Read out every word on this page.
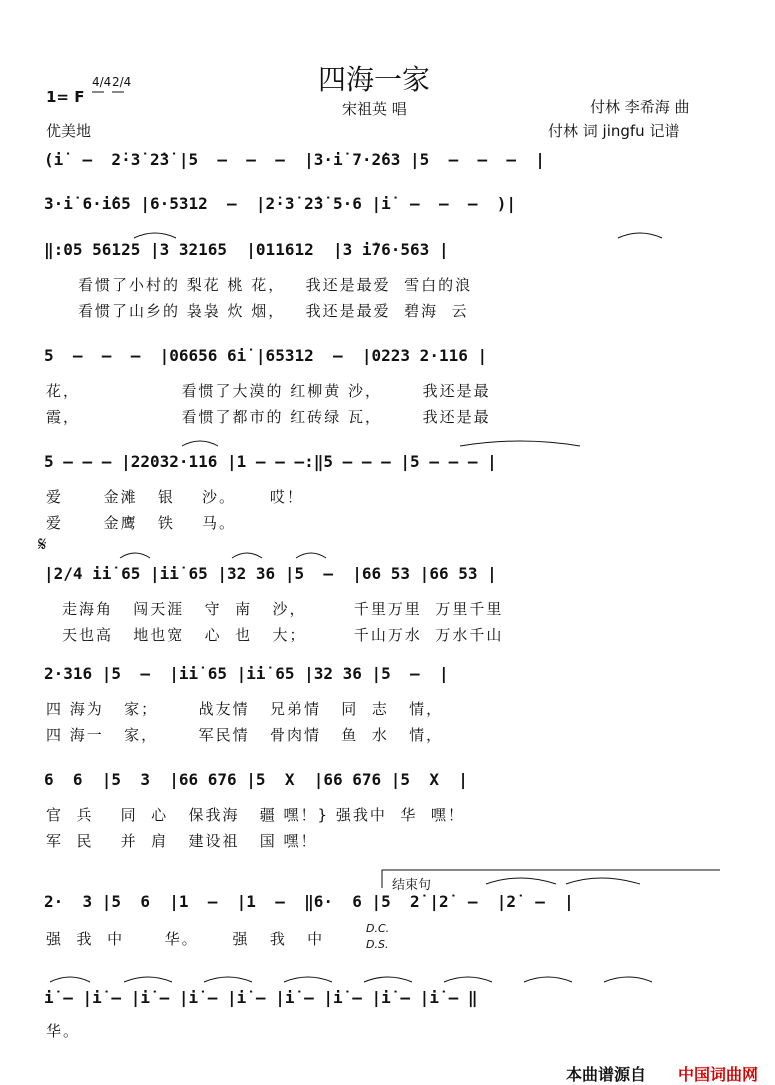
四海一家
宋祖英 唱
1= F
4/4 2/4
优美地
付林 李希海 曲
付林 词 jingfu 记谱
(i̇  –  2̇·3̇ 2̇3̇ |5  –  –  –  |3·i̇ 7·2̇63 |5  –  –  –  |
3·i̇ 6·i̇65 |6·5312  –  |2̇·3̇ 2̇3̇ 5·6 |i̇  –  –  –  )|
‖:05 56125 |3 32165  |011612  |3 i̇76·563 |
看惯了小村的 梨花 桃 花，   我还是最爱  雪白的浪
看惯了山乡的 袅袅 炊 烟，   我还是最爱  碧海  云
5  –  –  –  |06656 6i̇ |65312  –  |0223 2·116 |
花，               看惯了大漠的 红柳黄 沙，      我还是最
霞，               看惯了都市的 红砖绿 瓦，      我还是最
5 – – – |22032·116 |1 – – –:‖5 – – – |5 – – – |
爱      金滩   银    沙。     哎！
爱      金鹰   铁    马。
𝄋
|2/4 i̇i̇ 65 |i̇i̇ 65 |32 36 |5  –  |66 53 |66 53 |
走海角   闯天涯   守  南   沙，       千里万里  万里千里
天也高   地也宽   心  也   大；       千山万水  万水千山
2·316 |5  –  |i̇i̇ 65 |i̇i̇ 65 |32 36 |5  –  |
四 海为   家；      战友情   兄弟情   同  志   情，
四 海一   家，      军民情   骨肉情   鱼  水   情，
6  6  |5  3  |66 676 |5  X  |66 676 |5  X  |
官  兵    同  心   保我海   疆 嘿！} 强我中  华  嘿！
军  民    并  肩   建设祖   国 嘿！
结束句
2·  3 |5  6  |1  –  |1  –  ‖6·  6 |5  2̇ |2̇  –  |2̇  –  |
强  我  中      华。     强   我   中
D.C.
D.S.
i̇ – |i̇ – |i̇ – |i̇ – |i̇ – |i̇ – |i̇ – |i̇ – |i̇ – ‖
华。
本曲谱源自 中国词曲网
